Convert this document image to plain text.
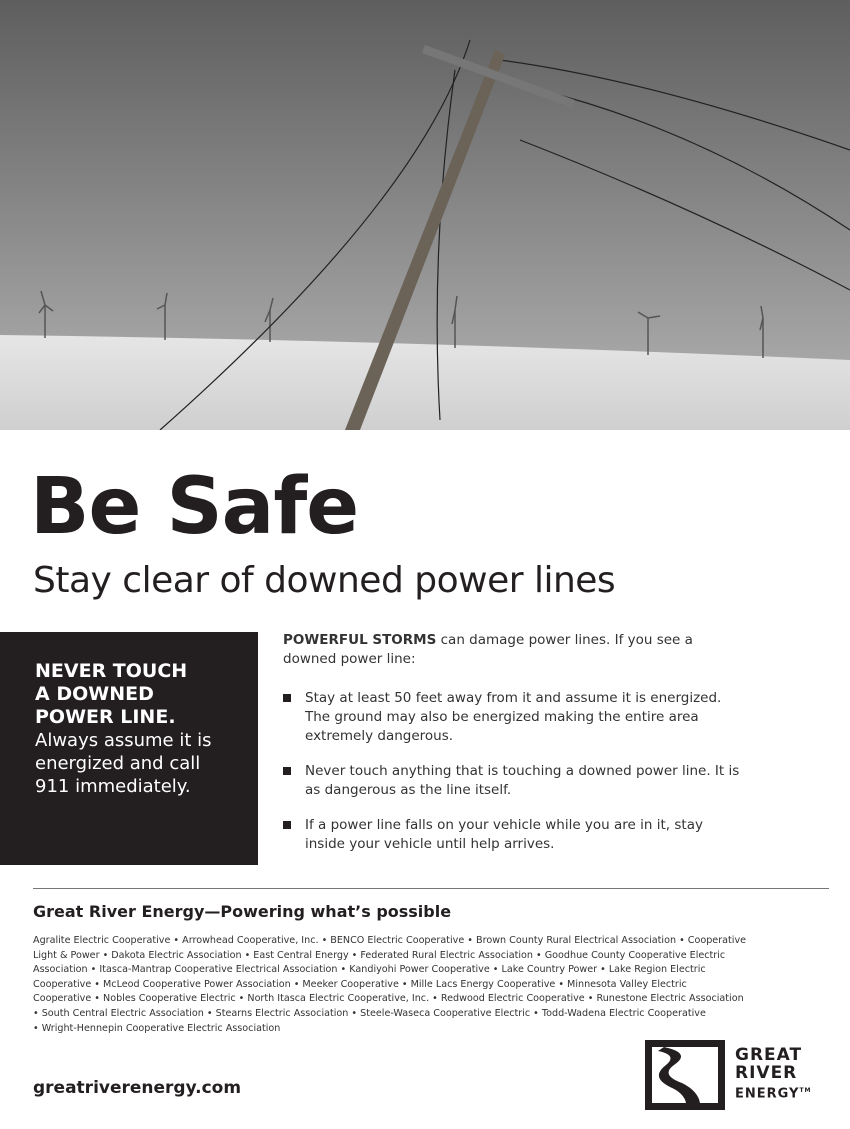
Be Safe
Stay clear of downed power lines
NEVER TOUCH
A DOWNED
POWER LINE.
Always assume it is
energized and call
911 immediately.

POWERFUL STORMS can damage power lines. If you see a downed power line:

Stay at least 50 feet away from it and assume it is energized. The ground may also be energized making the entire area extremely dangerous.
Never touch anything that is touching a downed power line. It is as dangerous as the line itself.
If a power line falls on your vehicle while you are in it, stay inside your vehicle until help arrives.
Great River Energy—Powering what’s possible
Agralite Electric Cooperative • Arrowhead Cooperative, Inc. • BENCO Electric Cooperative • Brown County Rural Electrical Association • Cooperative
Light & Power • Dakota Electric Association • East Central Energy • Federated Rural Electric Association • Goodhue County Cooperative Electric
Association • Itasca-Mantrap Cooperative Electrical Association • Kandiyohi Power Cooperative • Lake Country Power • Lake Region Electric
Cooperative • McLeod Cooperative Power Association • Meeker Cooperative • Mille Lacs Energy Cooperative • Minnesota Valley Electric
Cooperative • Nobles Cooperative Electric • North Itasca Electric Cooperative, Inc. • Redwood Electric Cooperative • Runestone Electric Association
• South Central Electric Association • Stearns Electric Association • Steele-Waseca Cooperative Electric • Todd-Wadena Electric Cooperative
• Wright-Hennepin Cooperative Electric Association
greatriverenergy.com
GREAT
RIVER
ENERGY™
